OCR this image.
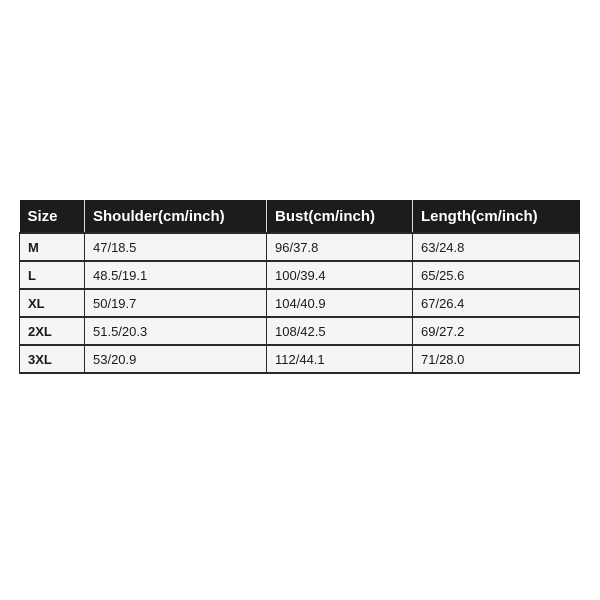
Size	Shoulder(cm/inch)	Bust(cm/inch)	Length(cm/inch)
M	47/18.5	96/37.8	63/24.8
L	48.5/19.1	100/39.4	65/25.6
XL	50/19.7	104/40.9	67/26.4
2XL	51.5/20.3	108/42.5	69/27.2
3XL	53/20.9	112/44.1	71/28.0
